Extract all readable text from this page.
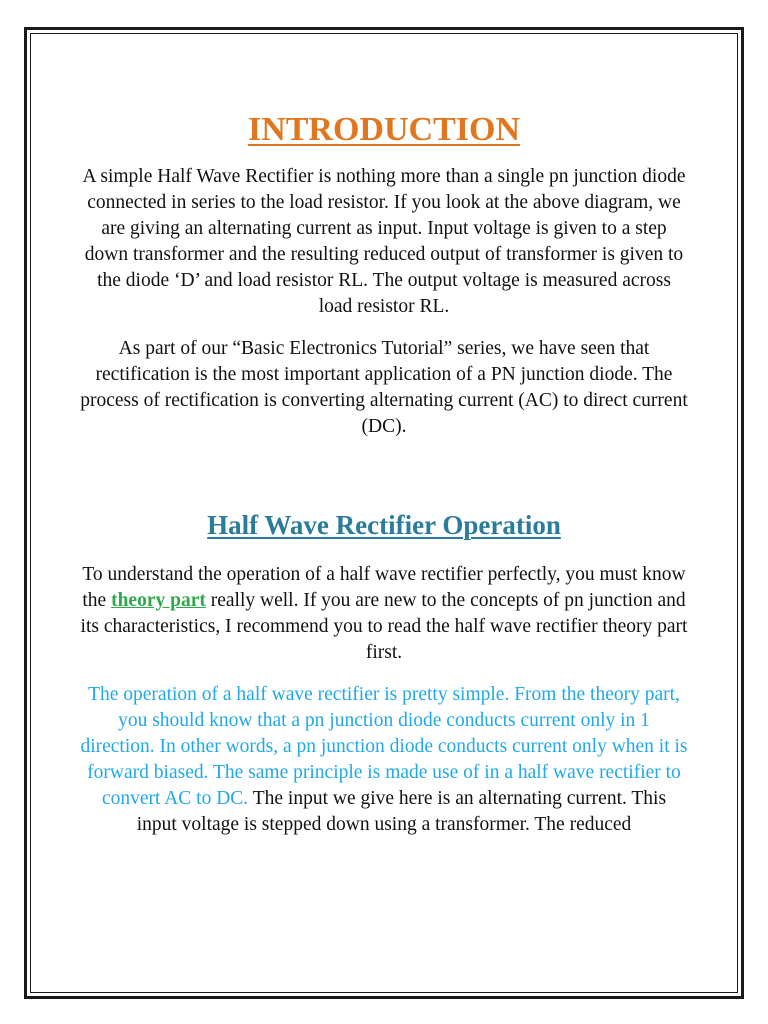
INTRODUCTION

A simple Half Wave Rectifier is nothing more than a single pn junction diode connected in series to the load resistor. If you look at the above diagram, we are giving an alternating current as input. Input voltage is given to a step down transformer and the resulting reduced output of transformer is given to the diode ‘D’ and load resistor RL. The output voltage is measured across load resistor RL.

As part of our “Basic Electronics Tutorial” series, we have seen that rectification is the most important application of a PN junction diode. The process of rectification is converting alternating current (AC) to direct current (DC).

Half Wave Rectifier Operation

To understand the operation of a half wave rectifier perfectly, you must know the theory part really well. If you are new to the concepts of pn junction and its characteristics, I recommend you to read the half wave rectifier theory part first.

The operation of a half wave rectifier is pretty simple. From the theory part, you should know that a pn junction diode conducts current only in 1 direction. In other words, a pn junction diode conducts current only when it is forward biased. The same principle is made use of in a half wave rectifier to convert AC to DC. The input we give here is an alternating current. This input voltage is stepped down using a transformer. The reduced
